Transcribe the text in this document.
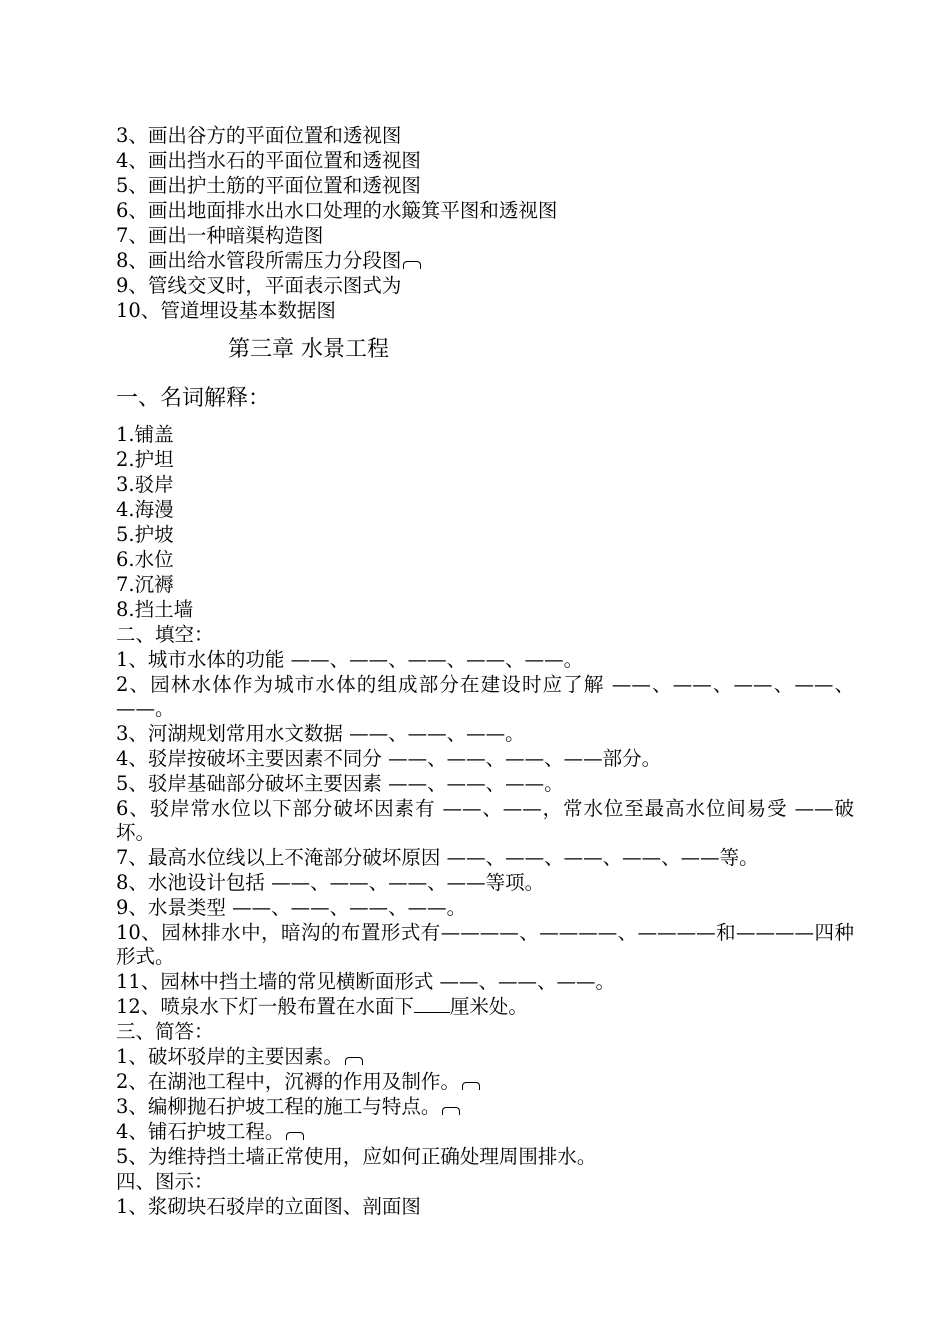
3、画出谷方的平面位置和透视图
4、画出挡水石的平面位置和透视图
5、画出护土筋的平面位置和透视图
6、画出地面排水出水口处理的水簸箕平图和透视图
7、画出一种暗渠构造图
8、画出给水管段所需压力分段图
9、管线交叉时，平面表示图式为
10、管道埋设基本数据图
第三章 水景工程
一、名词解释：
1.铺盖
2.护坦
3.驳岸
4.海漫
5.护坡
6.水位
7.沉褥
8.挡土墙
二、填空：
1、城市水体的功能 ——、——、——、——、——。
2、园林水体作为城市水体的组成部分在建设时应了解 ——、——、——、——、——。
3、河湖规划常用水文数据 ——、——、——。
4、驳岸按破坏主要因素不同分 ——、——、——、——部分。
5、驳岸基础部分破坏主要因素 ——、——、——。
6、驳岸常水位以下部分破坏因素有 ——、——，常水位至最高水位间易受 ——破坏。
7、最高水位线以上不淹部分破坏原因 ——、——、——、——、——等。
8、水池设计包括 ——、——、——、——等项。
9、水景类型 ——、——、——、——。
10、园林排水中，暗沟的布置形式有————、————、————和————四种形式。
11、园林中挡土墙的常见横断面形式 ——、——、——。
12、喷泉水下灯一般布置在水面下 厘米处。
三、简答：
1、破坏驳岸的主要因素。
2、在湖池工程中，沉褥的作用及制作。
3、编柳抛石护坡工程的施工与特点。
4、铺石护坡工程。
5、为维持挡土墙正常使用，应如何正确处理周围排水。
四、图示：
1、浆砌块石驳岸的立面图、剖面图
